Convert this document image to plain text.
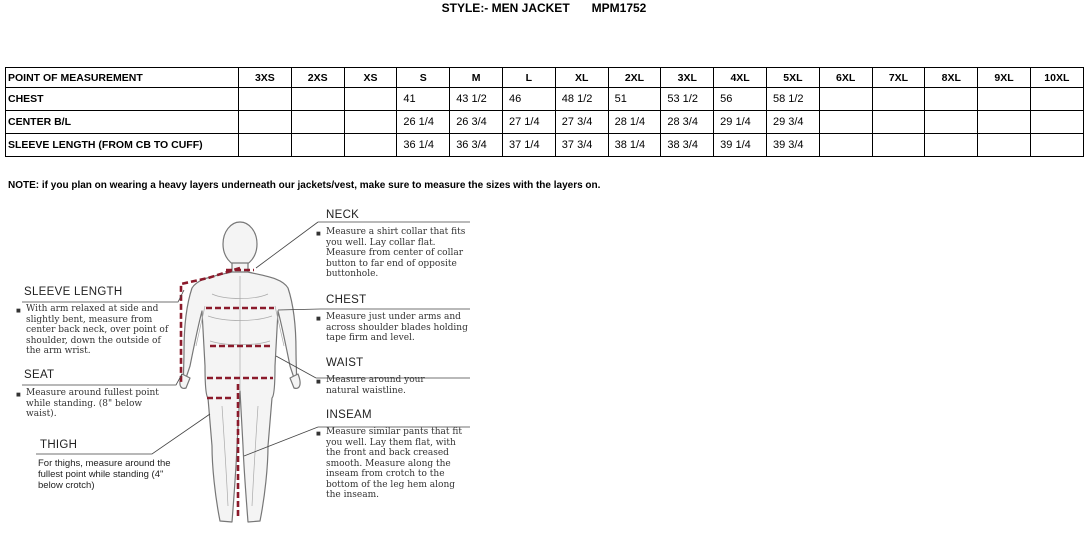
STYLE:- MEN JACKET MPM1752
POINT OF MEASUREMENT	3XS	2XS	XS	S	M	L	XL	2XL	3XL	4XL	5XL	6XL	7XL	8XL	9XL	10XL
CHEST				41	43 1/2	46	48 1/2	51	53 1/2	56	58 1/2					
CENTER B/L				26 1/4	26 3/4	27 1/4	27 3/4	28 1/4	28 3/4	29 1/4	29 3/4					
SLEEVE LENGTH (FROM CB TO CUFF)				36 1/4	36 3/4	37 1/4	37 3/4	38 1/4	38 3/4	39 1/4	39 3/4					
NOTE: if you plan on wearing a heavy layers underneath our jackets/vest, make sure to measure the sizes with the layers on.
NECK
■ Measure a shirt collar that fits you well. Lay collar flat. Measure from center of collar button to far end of opposite buttonhole.
SLEEVE LENGTH
■ With arm relaxed at side and slightly bent, measure from center back neck, over point of shoulder, down the outside of the arm wrist.
CHEST
■ Measure just under arms and across shoulder blades holding tape firm and level.
SEAT
■ Measure around fullest point while standing. (8" below waist).
WAIST
■ Measure around your natural waistline.
INSEAM
■ Measure similar pants that fit you well. Lay them flat, with the front and back creased smooth. Measure along the inseam from crotch to the bottom of the leg hem along the inseam.
THIGH
For thighs, measure around the fullest point while standing (4" below crotch)
